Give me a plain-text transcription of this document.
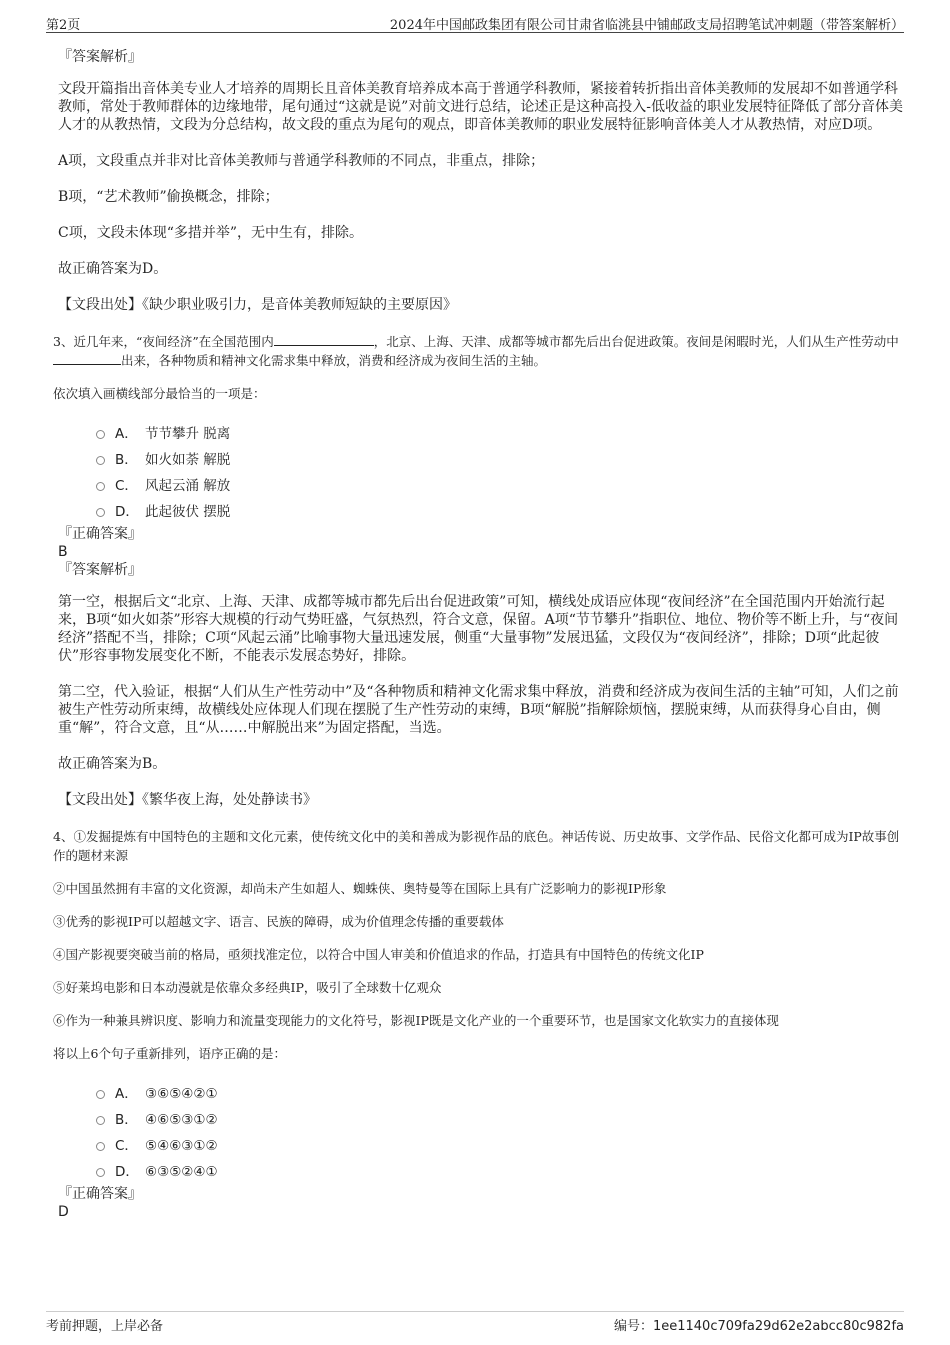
第2页	2024年中国邮政集团有限公司甘肃省临洮县中铺邮政支局招聘笔试冲刺题（带答案解析）
『答案解析』

文段开篇指出音体美专业人才培养的周期长且音体美教育培养成本高于普通学科教师，紧接着转折指出音体美教师的发展却不如普通学科教师，常处于教师群体的边缘地带，尾句通过“这就是说”对前文进行总结，论述正是这种高投入-低收益的职业发展特征降低了部分音体美人才的从教热情，文段为分总结构，故文段的重点为尾句的观点，即音体美教师的职业发展特征影响音体美人才从教热情，对应D项。

A项，文段重点并非对比音体美教师与普通学科教师的不同点，非重点，排除；

B项，“艺术教师”偷换概念，排除；

C项，文段未体现“多措并举”，无中生有，排除。

故正确答案为D。

【文段出处】《缺少职业吸引力，是音体美教师短缺的主要原因》

3、近几年来，“夜间经济”在全国范围内	，北京、上海、天津、成都等城市都先后出台促进政策。夜间是闲暇时光，人们从生产性劳动中出来，各种物质和精神文化需求集中释放，消费和经济成为夜间生活的主轴。

依次填入画横线部分最恰当的一项是：

A． 节节攀升 脱离
B． 如火如荼 解脱
C． 风起云涌 解放
D． 此起彼伏 摆脱
『正确答案』
B
『答案解析』

第一空，根据后文“北京、上海、天津、成都等城市都先后出台促进政策”可知，横线处成语应体现“夜间经济”在全国范围内开始流行起来，B项“如火如荼”形容大规模的行动气势旺盛，气氛热烈，符合文意，保留。A项“节节攀升”指职位、地位、物价等不断上升，与“夜间经济”搭配不当，排除；C项“风起云涌”比喻事物大量迅速发展，侧重“大量事物”发展迅猛，文段仅为“夜间经济”，排除；D项“此起彼伏”形容事物发展变化不断，不能表示发展态势好，排除。

第二空，代入验证，根据“人们从生产性劳动中”及“各种物质和精神文化需求集中释放，消费和经济成为夜间生活的主轴”可知，人们之前被生产性劳动所束缚，故横线处应体现人们现在摆脱了生产性劳动的束缚，B项“解脱”指解除烦恼，摆脱束缚，从而获得身心自由，侧重“解”，符合文意，且“从……中解脱出来”为固定搭配，当选。

故正确答案为B。

【文段出处】《繁华夜上海，处处静读书》

4、①发掘提炼有中国特色的主题和文化元素，使传统文化中的美和善成为影视作品的底色。神话传说、历史故事、文学作品、民俗文化都可成为IP故事创作的题材来源

②中国虽然拥有丰富的文化资源，却尚未产生如超人、蜘蛛侠、奥特曼等在国际上具有广泛影响力的影视IP形象

③优秀的影视IP可以超越文字、语言、民族的障碍，成为价值理念传播的重要载体

④国产影视要突破当前的格局，亟须找准定位，以符合中国人审美和价值追求的作品，打造具有中国特色的传统文化IP

⑤好莱坞电影和日本动漫就是依靠众多经典IP，吸引了全球数十亿观众

⑥作为一种兼具辨识度、影响力和流量变现能力的文化符号，影视IP既是文化产业的一个重要环节，也是国家文化软实力的直接体现

将以上6个句子重新排列，语序正确的是：

A． ③⑥⑤④②①
B． ④⑥⑤③①②
C． ⑤④⑥③①②
D． ⑥③⑤②④①
『正确答案』
D
考前押题，上岸必备	编号：1ee1140c709fa29d62e2abcc80c982fa
